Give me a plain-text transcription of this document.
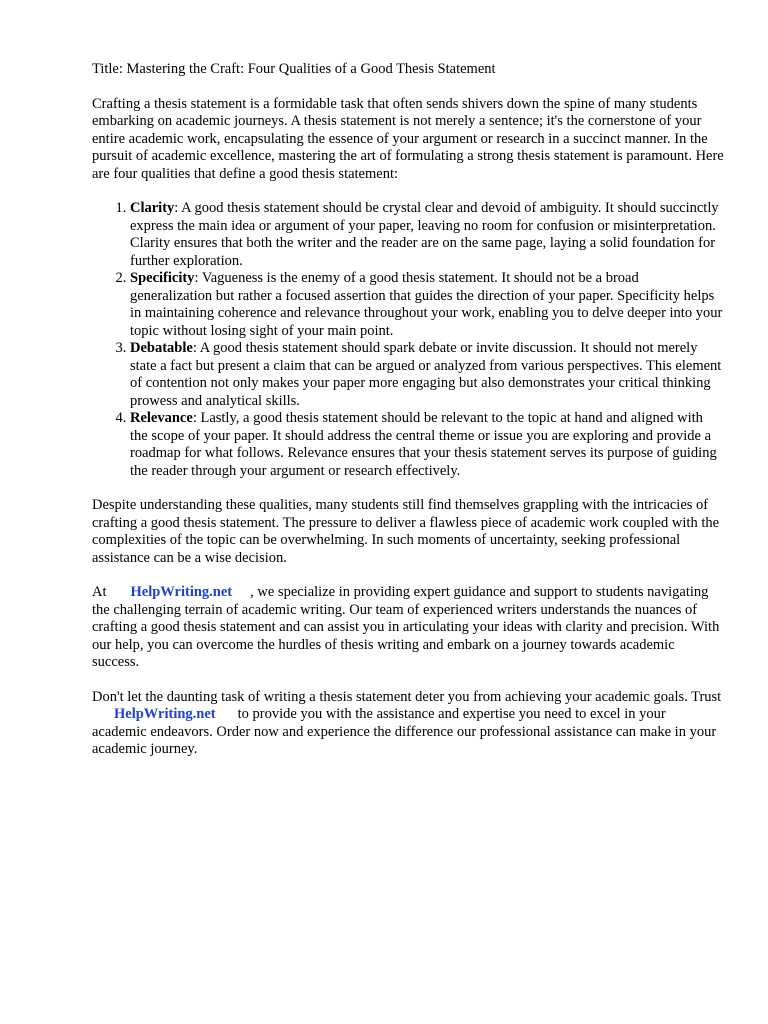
Title: Mastering the Craft: Four Qualities of a Good Thesis Statement

Crafting a thesis statement is a formidable task that often sends shivers down the spine of many students embarking on academic journeys. A thesis statement is not merely a sentence; it's the cornerstone of your entire academic work, encapsulating the essence of your argument or research in a succinct manner. In the pursuit of academic excellence, mastering the art of formulating a strong thesis statement is paramount. Here are four qualities that define a good thesis statement:

1. Clarity: A good thesis statement should be crystal clear and devoid of ambiguity. It should succinctly express the main idea or argument of your paper, leaving no room for confusion or misinterpretation. Clarity ensures that both the writer and the reader are on the same page, laying a solid foundation for further exploration.
2. Specificity: Vagueness is the enemy of a good thesis statement. It should not be a broad generalization but rather a focused assertion that guides the direction of your paper. Specificity helps in maintaining coherence and relevance throughout your work, enabling you to delve deeper into your topic without losing sight of your main point.
3. Debatable: A good thesis statement should spark debate or invite discussion. It should not merely state a fact but present a claim that can be argued or analyzed from various perspectives. This element of contention not only makes your paper more engaging but also demonstrates your critical thinking prowess and analytical skills.
4. Relevance: Lastly, a good thesis statement should be relevant to the topic at hand and aligned with the scope of your paper. It should address the central theme or issue you are exploring and provide a roadmap for what follows. Relevance ensures that your thesis statement serves its purpose of guiding the reader through your argument or research effectively.

Despite understanding these qualities, many students still find themselves grappling with the intricacies of crafting a good thesis statement. The pressure to deliver a flawless piece of academic work coupled with the complexities of the topic can be overwhelming. In such moments of uncertainty, seeking professional assistance can be a wise decision.

At HelpWriting.net , we specialize in providing expert guidance and support to students navigating the challenging terrain of academic writing. Our team of experienced writers understands the nuances of crafting a good thesis statement and can assist you in articulating your ideas with clarity and precision. With our help, you can overcome the hurdles of thesis writing and embark on a journey towards academic success.

Don't let the daunting task of writing a thesis statement deter you from achieving your academic goals. TrustHelpWriting.net to provide you with the assistance and expertise you need to excel in your academic endeavors. Order now and experience the difference our professional assistance can make in your academic journey.
